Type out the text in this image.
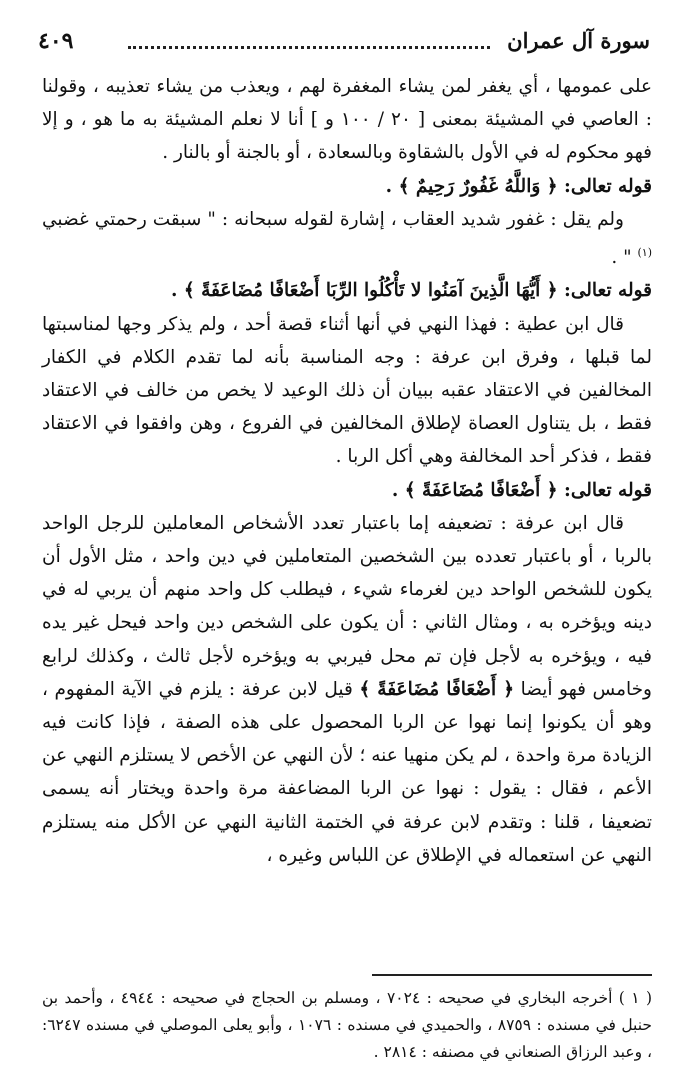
سورة آل عمران
٤٠٩

على عمومها ، أي يغفر لمن يشاء المغفرة لهم ، ويعذب من يشاء تعذيبه ، وقولنا : العاصي في المشيئة بمعنى [ ٢٠ / ١٠٠ و ] أنا لا نعلم المشيئة به ما هو ، و إلا فهو محكوم له في الأول بالشقاوة وبالسعادة ، أو بالجنة أو بالنار .

قوله تعالى: ﴿ وَاللَّهُ غَفُورٌ رَحِيمٌ ﴾ .

ولم يقل : غفور شديد العقاب ، إشارة لقوله سبحانه : " سبقت رحمتي غضبي $^{(١)}$ " .

قوله تعالى: ﴿ أَيُّهَا الَّذِينَ آمَنُوا لا تَأْكُلُوا الرِّبَا أَضْعَافًا مُضَاعَفَةً ﴾ .

قال ابن عطية : فهذا النهي في أنها أثناء قصة أحد ، ولم يذكر وجها لمناسبتها لما قبلها ، وفرق ابن عرفة : وجه المناسبة بأنه لما تقدم الكلام في الكفار المخالفين في الاعتقاد عقبه ببيان أن ذلك الوعيد لا يخص من خالف في الاعتقاد فقط ، بل يتناول العصاة لإطلاق المخالفين في الفروع ، وهن وافقوا في الاعتقاد فقط ، فذكر أحد المخالفة وهي أكل الربا .

قوله تعالى: ﴿ أَضْعَافًا مُضَاعَفَةً ﴾ .

قال ابن عرفة : تضعيفه إما باعتبار تعدد الأشخاص المعاملين للرجل الواحد بالربا ، أو باعتبار تعدده بين الشخصين المتعاملين في دين واحد ، مثل الأول أن يكون للشخص الواحد دين لغرماء شيء ، فيطلب كل واحد منهم أن يربي له في دينه ويؤخره به ، ومثال الثاني : أن يكون على الشخص دين واحد فيحل غير يده فيه ، ويؤخره به لأجل فإن تم محل فيربي به ويؤخره لأجل ثالث ، وكذلك لرابع وخامس فهو أيضا ﴿ أَضْعَافًا مُضَاعَفَةً ﴾ قيل لابن عرفة : يلزم في الآية المفهوم ، وهو أن يكونوا إنما نهوا عن الربا المحصول على هذه الصفة ، فإذا كانت فيه الزيادة مرة واحدة ، لم يكن منهيا عنه ؛ لأن النهي عن الأخص لا يستلزم النهي عن الأعم ، فقال : يقول : نهوا عن الربا المضاعفة مرة واحدة ويختار أنه يسمى تضعيفا ، قلنا : وتقدم لابن عرفة في الختمة الثانية النهي عن الأكل منه يستلزم النهي عن استعماله في الإطلاق عن اللباس وغيره ،

( ١ ) أخرجه البخاري في صحيحه : ٧٠٢٤ ، ومسلم بن الحجاج في صحيحه : ٤٩٤٤ ، وأحمد بن حنبل في مسنده : ٨٧٥٩ ، والحميدي في مسنده : ١٠٧٦ ، وأبو يعلى الموصلي في مسنده ٦٢٤٧: ، وعبد الرزاق الصنعاني في مصنفه : ٢٨١٤ .
